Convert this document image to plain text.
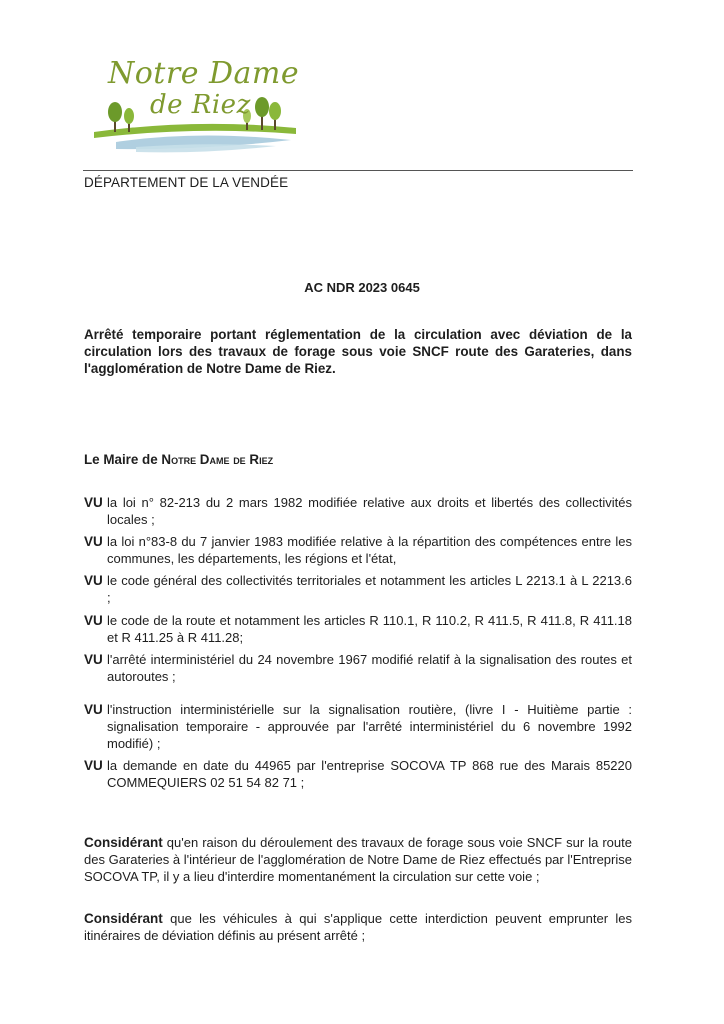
Notre Dame
de Riez
DÉPARTEMENT DE LA VENDÉE
AC NDR 2023 0645
Arrêté temporaire portant réglementation de la circulation avec déviation de la circulation lors des travaux de forage sous voie SNCF route des Garateries, dans l'agglomération de Notre Dame de Riez.
Le Maire de Notre Dame de Riez
VU la loi n° 82-213 du 2 mars 1982 modifiée relative aux droits et libertés des collectivités locales ;
VU la loi n°83-8 du 7 janvier 1983 modifiée relative à la répartition des compétences entre les communes, les départements, les régions et l'état,
VU le code général des collectivités territoriales et notamment les articles L 2213.1 à L 2213.6 ;
VU le code de la route et notamment les articles R 110.1, R 110.2, R 411.5, R 411.8, R 411.18 et R 411.25 à R 411.28;
VU l'arrêté interministériel du 24 novembre 1967 modifié relatif à la signalisation des routes et autoroutes ;
VU l'instruction interministérielle sur la signalisation routière, (livre I - Huitième partie : signalisation temporaire - approuvée par l'arrêté interministériel du 6 novembre 1992 modifié) ;
VU la demande en date du 44965 par l'entreprise SOCOVA TP 868 rue des Marais 85220 COMMEQUIERS 02 51 54 82 71 ;
Considérant qu'en raison du déroulement des travaux de forage sous voie SNCF sur la route des Garateries à l'intérieur de l'agglomération de Notre Dame de Riez effectués par l'Entreprise SOCOVA TP, il y a lieu d'interdire momentanément la circulation sur cette voie ;
Considérant que les véhicules à qui s'applique cette interdiction peuvent emprunter les itinéraires de déviation définis au présent arrêté ;
